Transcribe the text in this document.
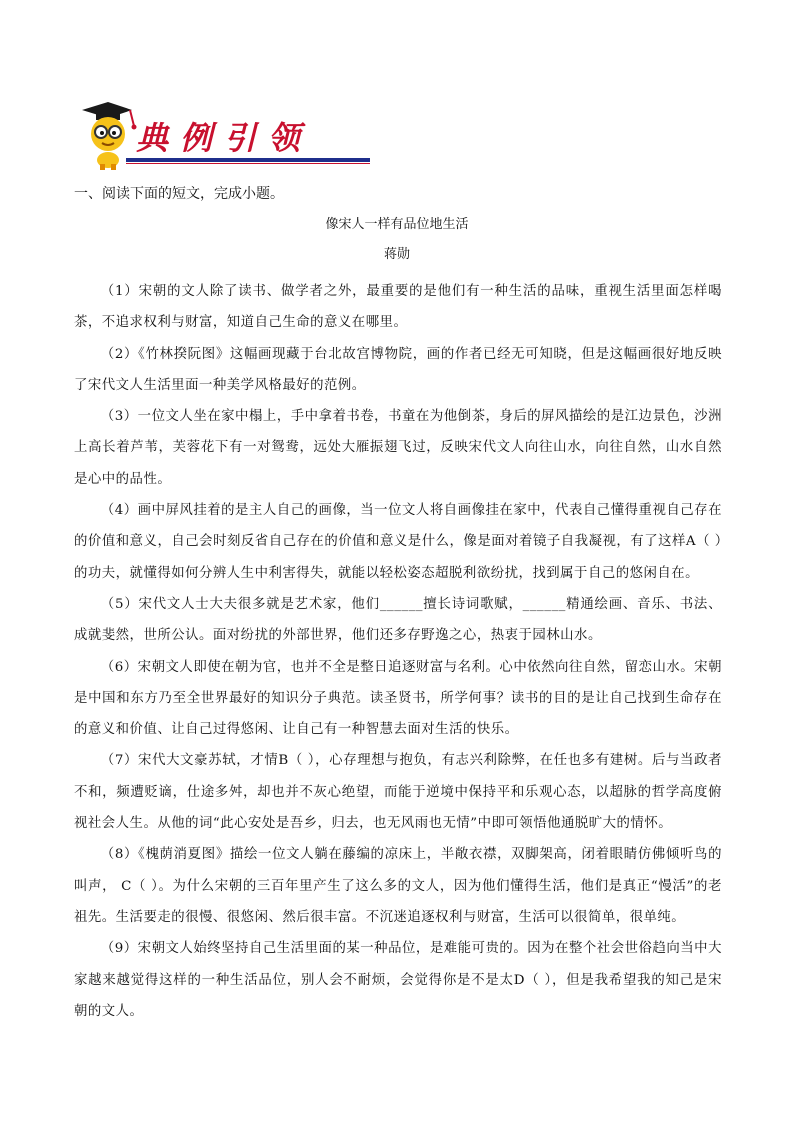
典例引领
一、阅读下面的短文，完成小题。
像宋人一样有品位地生活
蒋勋

（1）宋朝的文人除了读书、做学者之外，最重要的是他们有一种生活的品味，重视生活里面怎样喝茶，不追求权利与财富，知道自己生命的意义在哪里。

（2）《竹林揆阮图》这幅画现藏于台北故宫博物院，画的作者已经无可知晓，但是这幅画很好地反映了宋代文人生活里面一种美学风格最好的范例。

（3）一位文人坐在家中榻上，手中拿着书卷，书童在为他倒茶，身后的屏风描绘的是江边景色，沙洲上高长着芦苇，芙蓉花下有一对鸳鸯，远处大雁振翅飞过，反映宋代文人向往山水，向往自然，山水自然是心中的品性。

（4）画中屏风挂着的是主人自己的画像，当一位文人将自画像挂在家中，代表自己懂得重视自己存在的价值和意义，自己会时刻反省自己存在的价值和意义是什么，像是面对着镜子自我凝视，有了这样A（ ）的功夫，就懂得如何分辨人生中利害得失，就能以轻松姿态超脱利欲纷扰，找到属于自己的悠闲自在。

（5）宋代文人士大夫很多就是艺术家，他们______擅长诗词歌赋，______精通绘画、音乐、书法、成就斐然，世所公认。面对纷扰的外部世界，他们还多存野逸之心，热衷于园林山水。

（6）宋朝文人即使在朝为官，也并不全是整日追逐财富与名利。心中依然向往自然，留恋山水。宋朝是中国和东方乃至全世界最好的知识分子典范。读圣贤书，所学何事？读书的目的是让自己找到生命存在的意义和价值、让自己过得悠闲、让自己有一种智慧去面对生活的快乐。

（7）宋代大文豪苏轼，才情B（ ），心存理想与抱负，有志兴利除弊，在任也多有建树。后与当政者不和，频遭贬谪，仕途多舛，却也并不灰心绝望，而能于逆境中保持平和乐观心态，以超脉的哲学高度俯视社会人生。从他的词“此心安处是吾乡，归去，也无风雨也无情”中即可领悟他通脱旷大的情怀。

（8）《槐荫消夏图》描绘一位文人躺在藤编的凉床上，半敞衣襟，双脚架高，闭着眼睛仿佛倾听鸟的叫声， C（ ）。为什么宋朝的三百年里产生了这么多的文人，因为他们懂得生活，他们是真正“慢活”的老祖先。生活要走的很慢、很悠闲、然后很丰富。不沉迷追逐权利与财富，生活可以很简单，很单纯。

（9）宋朝文人始终坚持自己生活里面的某一种品位，是难能可贵的。因为在整个社会世俗趋向当中大家越来越觉得这样的一种生活品位，别人会不耐烦，会觉得你是不是太D（ ），但是我希望我的知己是宋朝的文人。
